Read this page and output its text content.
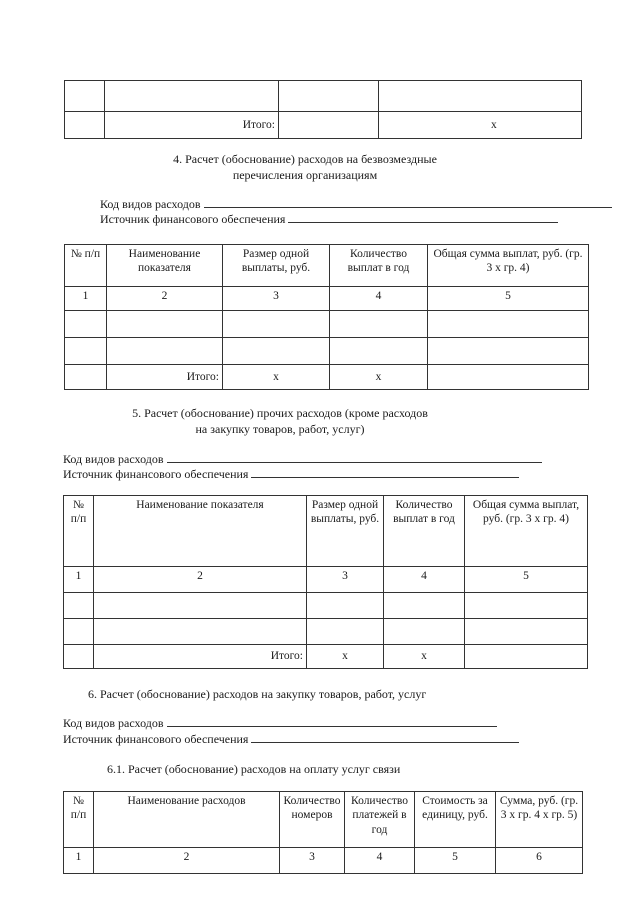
	Итого:		x
4. Расчет (обоснование) расходов на безвозмездные
перечисления организациям
Код видов расходов
Источник финансового обеспечения
№ п/п	Наименование показателя	Размер одной выплаты, руб.	Количество выплат в год	Общая сумма выплат, руб. (гр. 3 х гр. 4)
1	2	3	4	5

	Итого:	x	x	
5. Расчет (обоснование) прочих расходов (кроме расходов
на закупку товаров, работ, услуг)
Код видов расходов
Источник финансового обеспечения
№ п/п	Наименование показателя	Размер одной выплаты, руб.	Количество выплат в год	Общая сумма выплат, руб. (гр. 3 х гр. 4)
1	2	3	4	5

	Итого:	x	x	
6. Расчет (обоснование) расходов на закупку товаров, работ, услуг
Код видов расходов
Источник финансового обеспечения
6.1. Расчет (обоснование) расходов на оплату услуг связи
№ п/п	Наименование расходов	Количество номеров	Количество платежей в год	Стоимость за единицу, руб.	Сумма, руб. (гр. 3 х гр. 4 х гр. 5)
1	2	3	4	5	6
